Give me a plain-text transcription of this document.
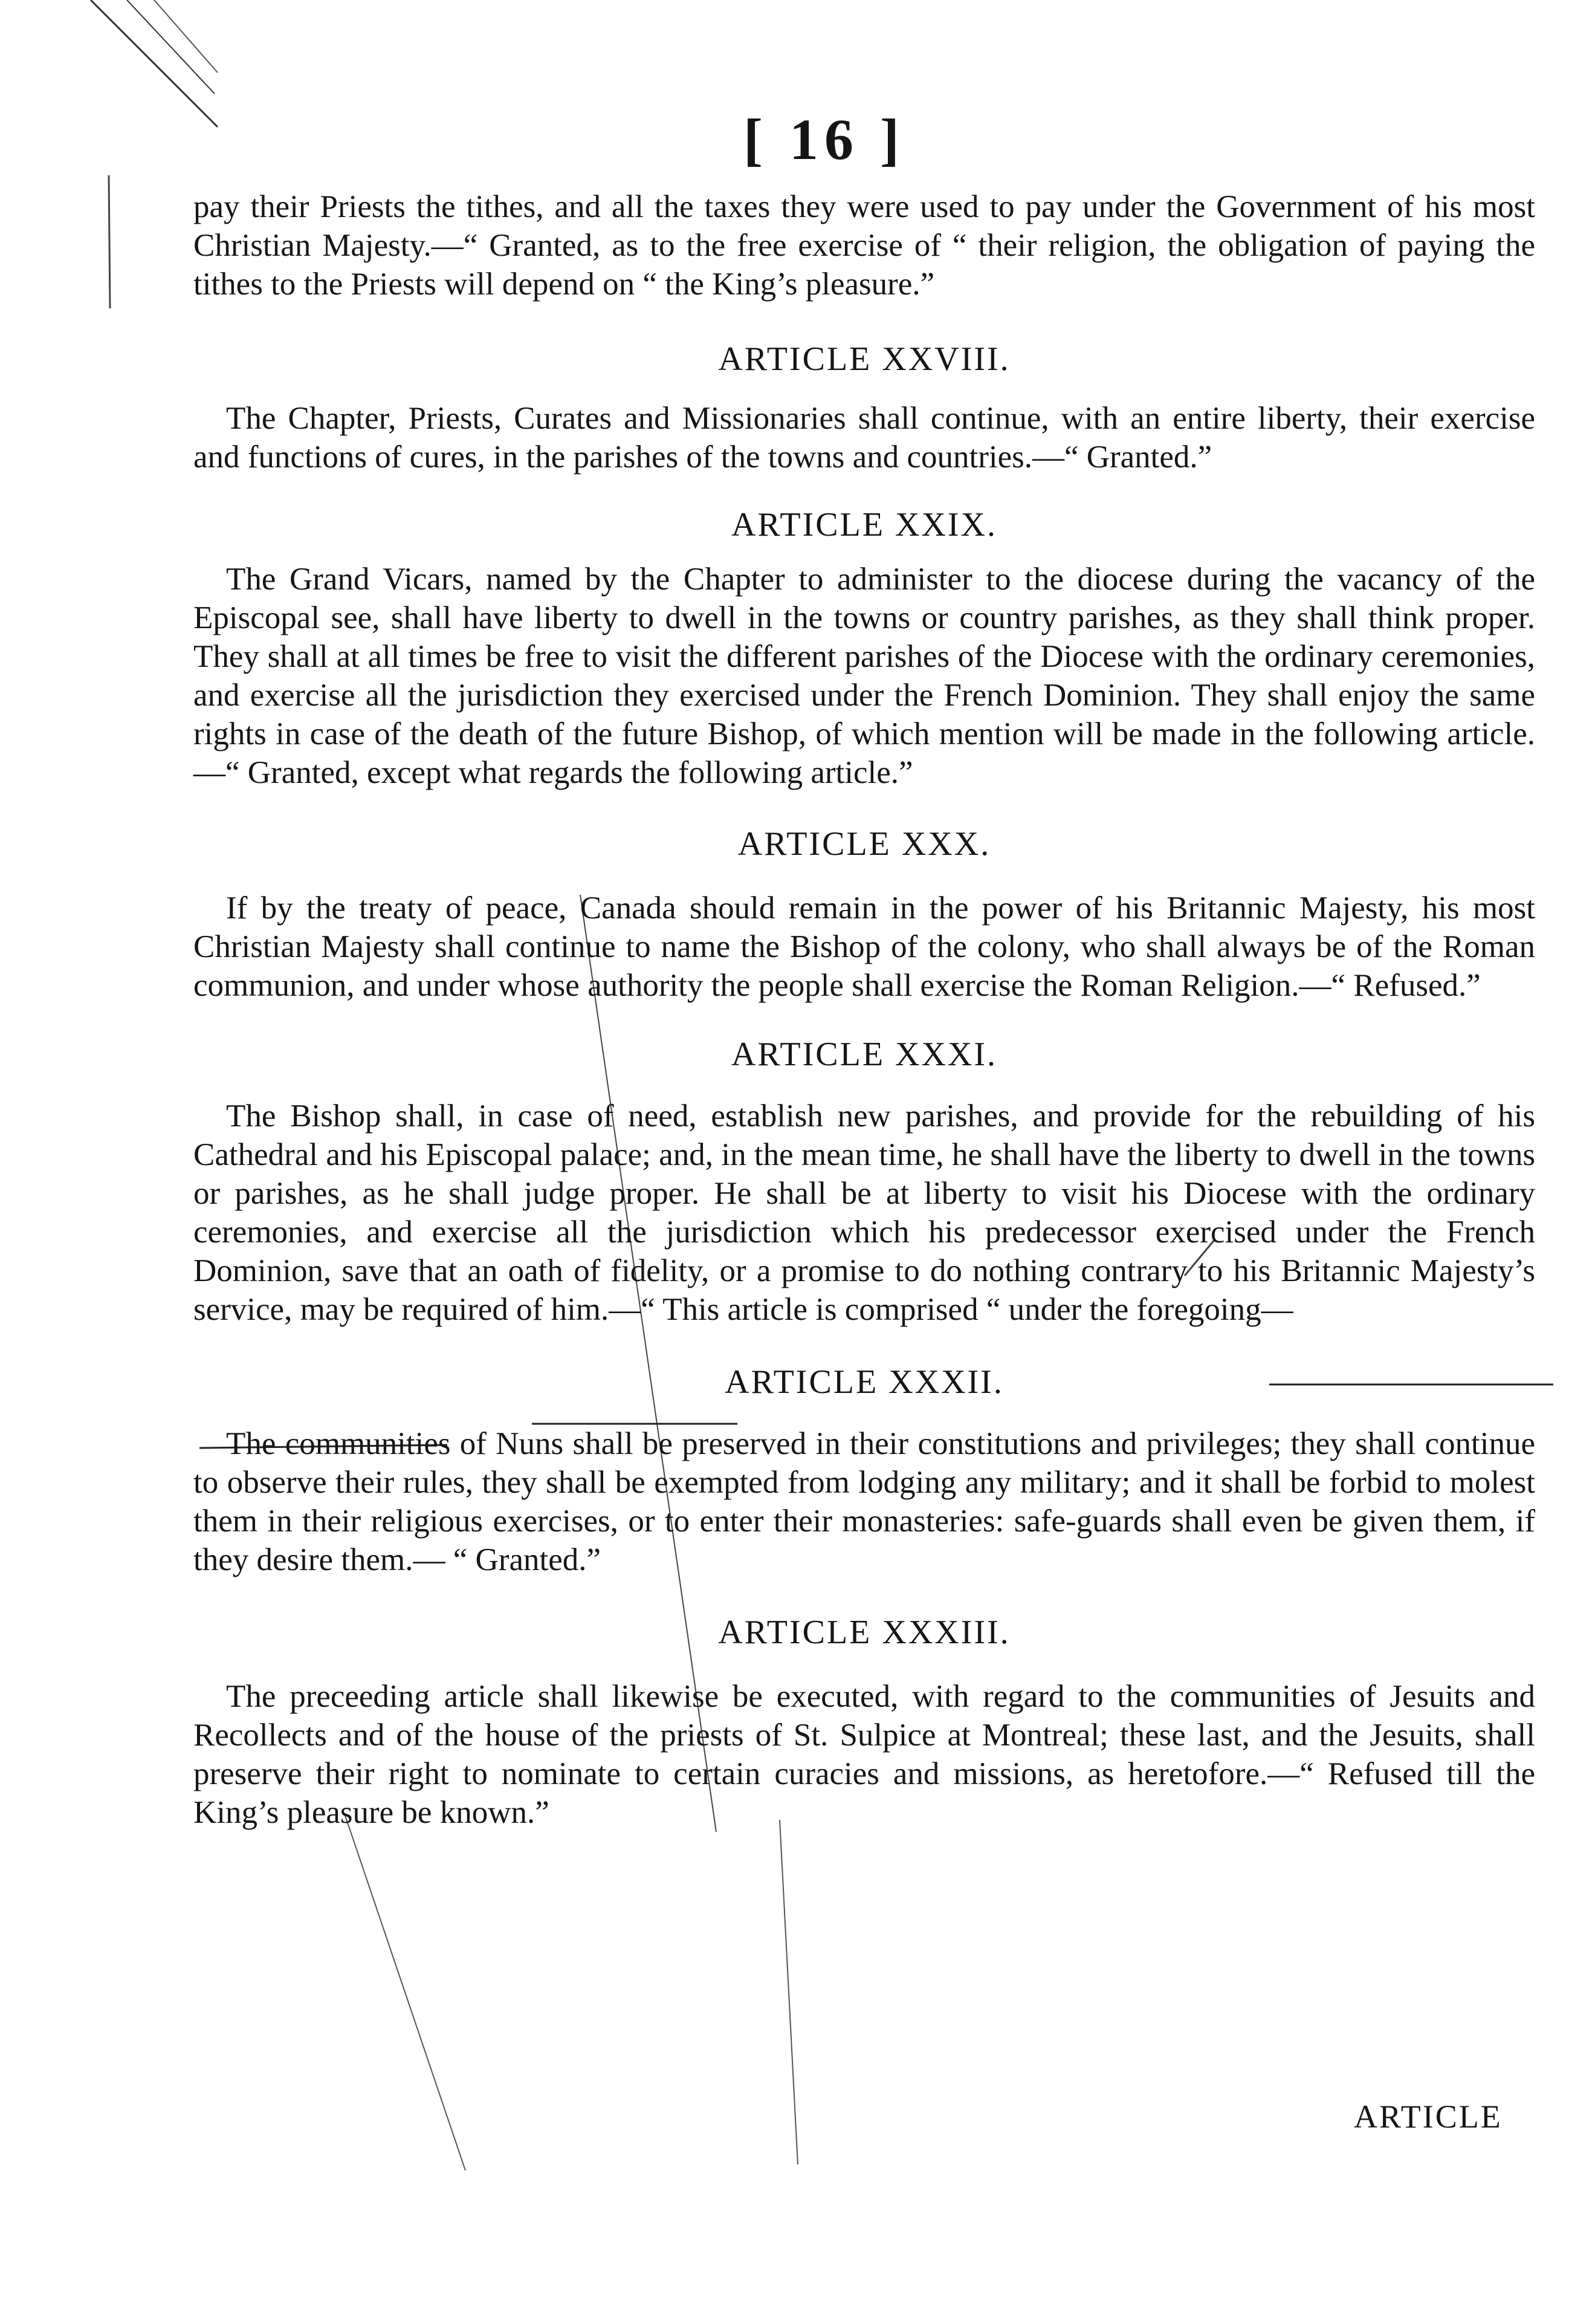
[ 16 ]

pay their Priests the tithes, and all the taxes they were used to pay under the Government of his most Christian Majesty.—“ Granted, as to the free exercise of “ their religion, the obligation of paying the tithes to the Priests will depend on “ the King’s pleasure.”

ARTICLE XXVIII.

The Chapter, Priests, Curates and Missionaries shall continue, with an entire liberty, their exercise and functions of cures, in the parishes of the towns and countries.—“ Granted.”

ARTICLE XXIX.

The Grand Vicars, named by the Chapter to administer to the diocese during the vacancy of the Episcopal see, shall have liberty to dwell in the towns or country parishes, as they shall think proper. They shall at all times be free to visit the different parishes of the Diocese with the ordinary ceremonies, and exercise all the jurisdiction they exercised under the French Dominion. They shall enjoy the same rights in case of the death of the future Bishop, of which mention will be made in the following article.—“ Granted, except what regards the following article.”

ARTICLE XXX.

If by the treaty of peace, Canada should remain in the power of his Britannic Majesty, his most Christian Majesty shall continue to name the Bishop of the colony, who shall always be of the Roman communion, and under whose authority the people shall exercise the Roman Religion.—“ Refused.”

ARTICLE XXXI.

The Bishop shall, in case of need, establish new parishes, and provide for the rebuilding of his Cathedral and his Episcopal palace; and, in the mean time, he shall have the liberty to dwell in the towns or parishes, as he shall judge proper. He shall be at liberty to visit his Diocese with the ordinary ceremonies, and exercise all the jurisdiction which his predecessor exercised under the French Dominion, save that an oath of fidelity, or a promise to do nothing contrary to his Britannic Majesty’s service, may be required of him.—“ This article is comprised “ under the foregoing—

ARTICLE XXXII.

The communities of Nuns shall be preserved in their constitutions and privileges; they shall continue to observe their rules, they shall be exempted from lodging any military; and it shall be forbid to molest them in their religious exercises, or to enter their monasteries: safe-guards shall even be given them, if they desire them.— “ Granted.”

ARTICLE XXXIII.

The preceeding article shall likewise be executed, with regard to the communities of Jesuits and Recollects and of the house of the priests of St. Sulpice at Montreal; these last, and the Jesuits, shall preserve their right to nominate to certain curacies and missions, as heretofore.—“ Refused till the King’s pleasure be known.”

ARTICLE
